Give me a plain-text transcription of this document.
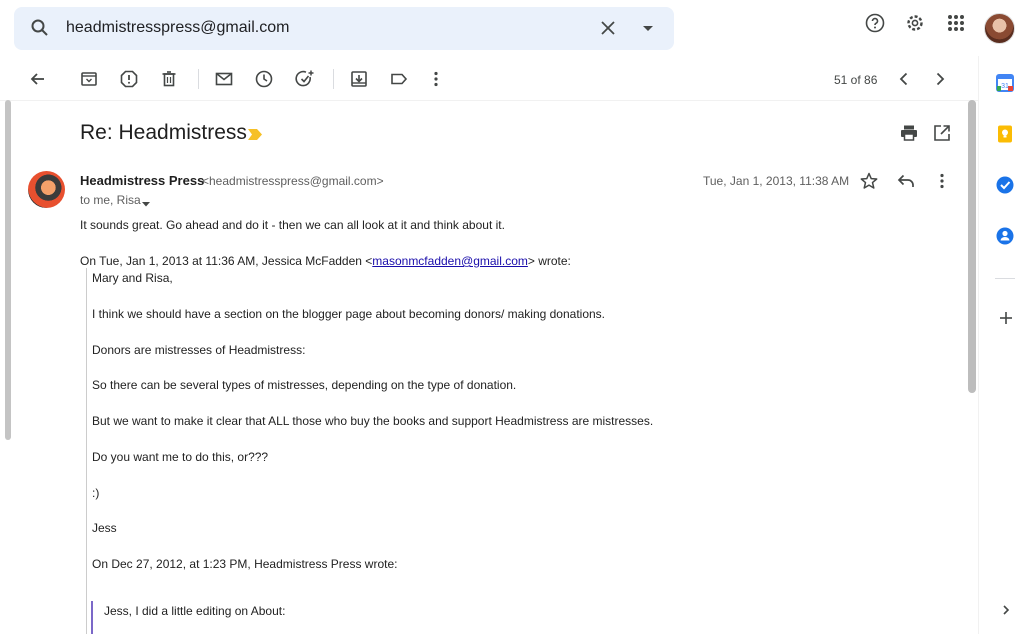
headmistresspress@gmail.com
51 of 86
Re: Headmistress
Headmistress Press
<headmistresspress@gmail.com>
to me, Risa
Tue, Jan 1, 2013, 11:38 AM
It sounds great. Go ahead and do it - then we can all look at it and think about it.
On Tue, Jan 1, 2013 at 11:36 AM, Jessica McFadden <masonmcfadden@gmail.com> wrote:
Mary and Risa,
I think we should have a section on the blogger page about becoming donors/ making donations.
Donors are mistresses of Headmistress:
So there can be several types of mistresses, depending on the type of donation.
But we want to make it clear that ALL those who buy the books and support Headmistress are mistresses.
Do you want me to do this, or???
:)
Jess
On Dec 27, 2012, at 1:23 PM, Headmistress Press wrote:
Jess, I did a little editing on About:
31
